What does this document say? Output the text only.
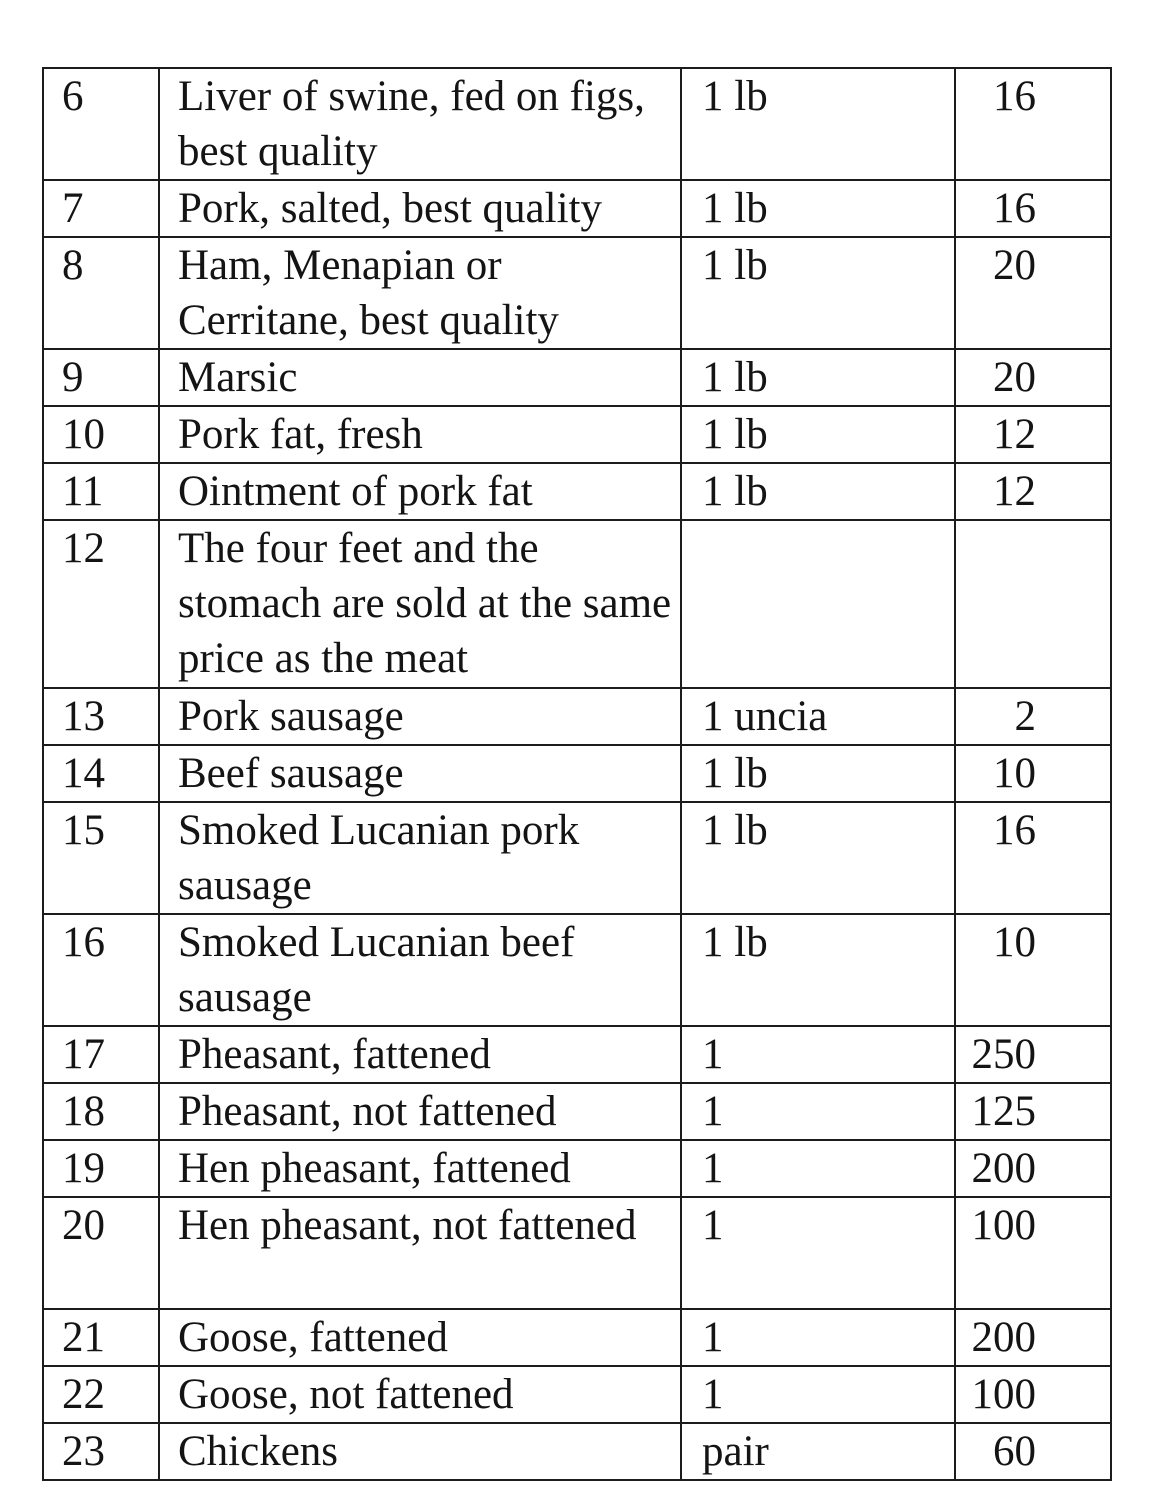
6	Liver of swine, fed on figs, best quality	1 lb	16
7	Pork, salted, best quality	1 lb	16
8	Ham, Menapian or Cerritane, best quality	1 lb	20
9	Marsic	1 lb	20
10	Pork fat, fresh	1 lb	12
11	Ointment of pork fat	1 lb	12
12	The four feet and the stomach are sold at the same price as the meat		
13	Pork sausage	1 uncia	2
14	Beef sausage	1 lb	10
15	Smoked Lucanian pork sausage	1 lb	16
16	Smoked Lucanian beef sausage	1 lb	10
17	Pheasant, fattened	1	250
18	Pheasant, not fattened	1	125
19	Hen pheasant, fattened	1	200
20	Hen pheasant, not fattened	1	100
21	Goose, fattened	1	200
22	Goose, not fattened	1	100
23	Chickens	pair	60
